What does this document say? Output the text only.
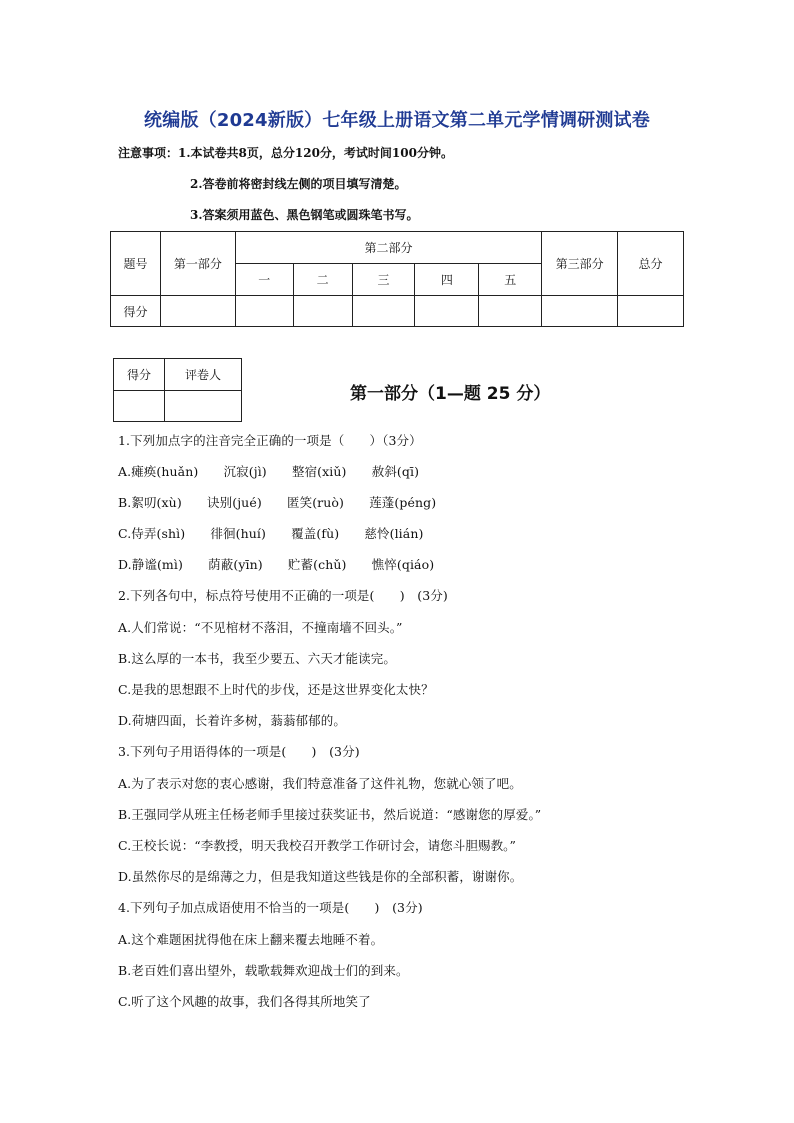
统编版（2024新版）七年级上册语文第二单元学情调研测试卷
注意事项：1.本试卷共8页，总分120分，考试时间100分钟。
2.答卷前将密封线左侧的项目填写清楚。
3.答案须用蓝色、黑色钢笔或圆珠笔书写。
题号	第一部分	第二部分					第三部分	总分
		一	二	三	四	五		
得分								
得分	评卷人

第一部分（1—题 25 分）
1.下列加点字的注音完全正确的一项是（　　）（3分）
A.瘫痪(huǎn)　　沉寂(jì)　　整宿(xiǔ)　　赦斜(qī)
B.絮叨(xù)　　诀别(jué)　　匿笑(ruò)　　莲蓬(péng)
C.侍弄(shì)　　徘徊(huí)　　覆盖(fù)　　慈怜(lián)
D.静谧(mì)　　荫蔽(yīn)　　贮蓄(chǔ)　　憔悴(qiáo)
2.下列各句中，标点符号使用不正确的一项是(　　)　(3分)
A.人们常说：“不见棺材不落泪，不撞南墙不回头。”
B.这么厚的一本书，我至少要五、六天才能读完。
C.是我的思想跟不上时代的步伐，还是这世界变化太快？
D.荷塘四面，长着许多树，蓊蓊郁郁的。
3.下列句子用语得体的一项是(　　)　(3分)
A.为了表示对您的衷心感谢，我们特意准备了这件礼物，您就心领了吧。
B.王强同学从班主任杨老师手里接过获奖证书，然后说道：“感谢您的厚爱。”
C.王校长说：“李教授，明天我校召开教学工作研讨会，请您斗胆赐教。”
D.虽然你尽的是绵薄之力，但是我知道这些钱是你的全部积蓄，谢谢你。
4.下列句子加点成语使用不恰当的一项是(　　)　(3分)
A.这个难题困扰得他在床上翻来覆去地睡不着。
B.老百姓们喜出望外，载歌载舞欢迎战士们的到来。
C.听了这个风趣的故事，我们各得其所地笑了
